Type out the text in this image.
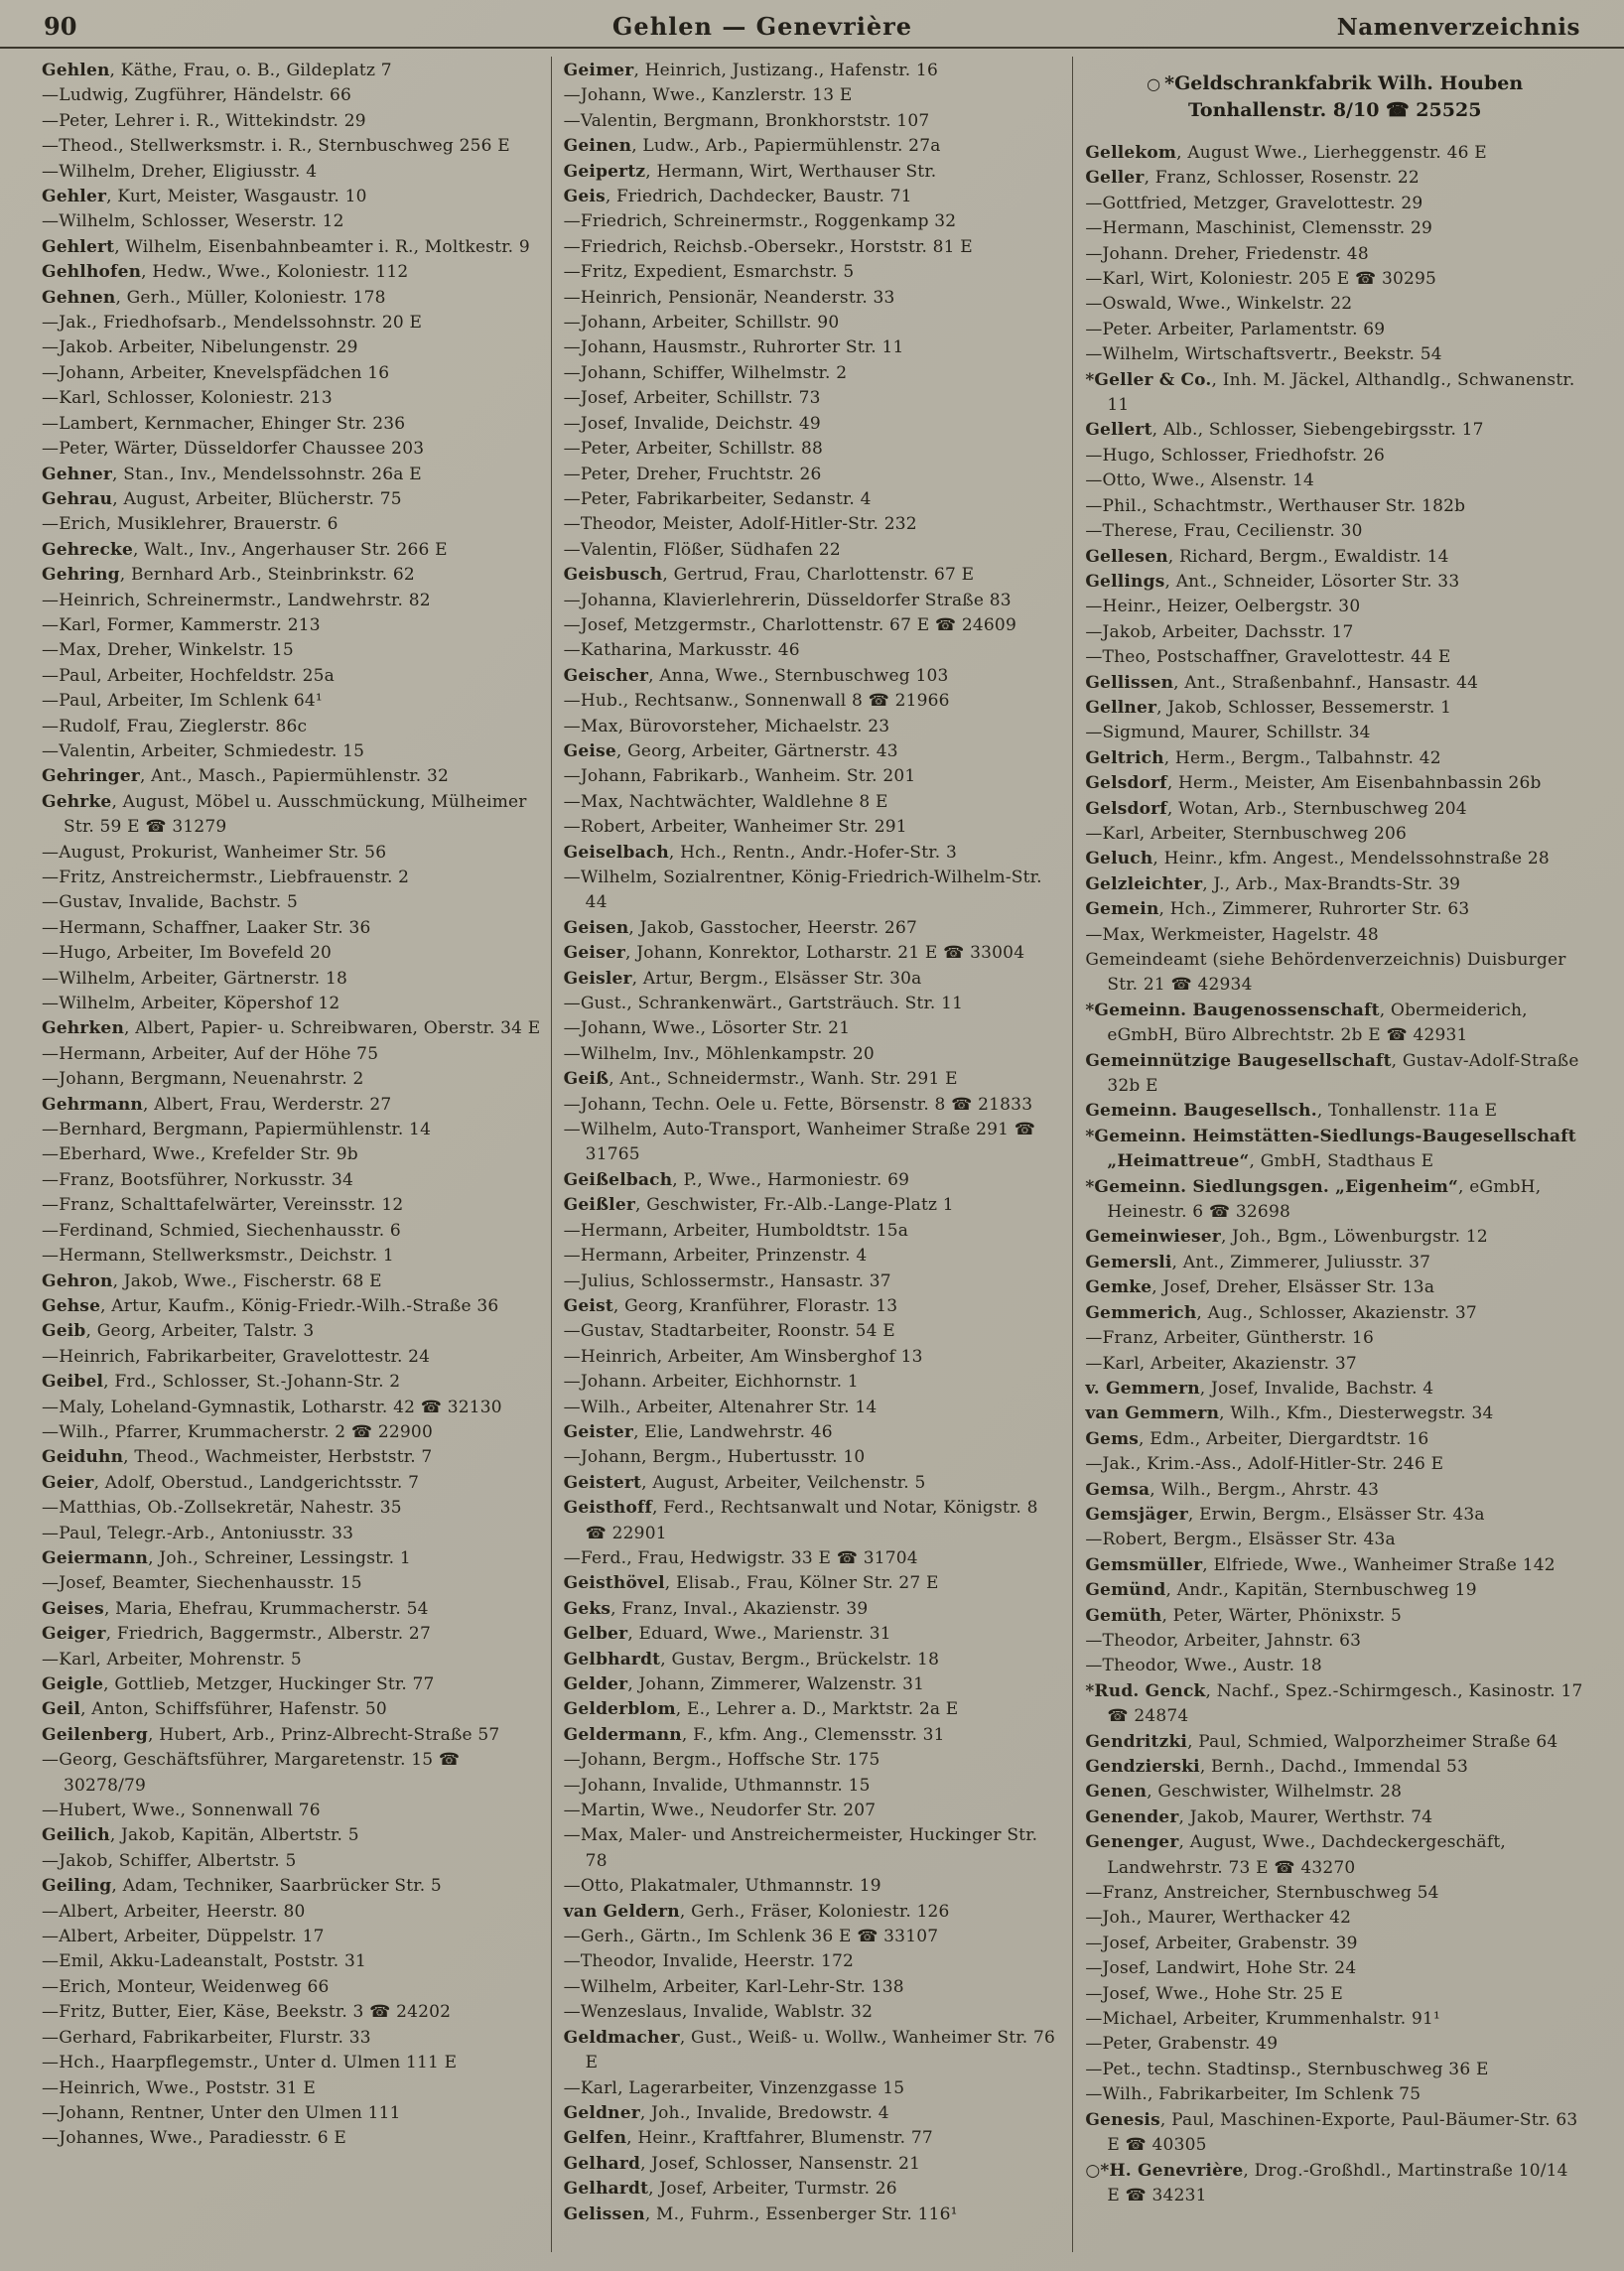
90	Gehlen — Genevrière	Namenverzeichnis
Gehlen, Käthe, Frau, o. B., Gildeplatz 7
—Ludwig, Zugführer, Händelstr. 66
—Peter, Lehrer i. R., Wittekindstr. 29
—Theod., Stellwerksmstr. i. R., Sternbuschweg 256 E
—Wilhelm, Dreher, Eligiusstr. 4
Gehler, Kurt, Meister, Wasgaustr. 10
—Wilhelm, Schlosser, Weserstr. 12
Gehlert, Wilhelm, Eisenbahnbeamter i. R., Moltkestr. 9
Gehlhofen, Hedw., Wwe., Koloniestr. 112
Gehnen, Gerh., Müller, Koloniestr. 178
—Jak., Friedhofsarb., Mendelssohnstr. 20 E
—Jakob. Arbeiter, Nibelungenstr. 29
—Johann, Arbeiter, Knevelspfädchen 16
—Karl, Schlosser, Koloniestr. 213
—Lambert, Kernmacher, Ehinger Str. 236
—Peter, Wärter, Düsseldorfer Chaussee 203
Gehner, Stan., Inv., Mendelssohnstr. 26a E
Gehrau, August, Arbeiter, Blücherstr. 75
—Erich, Musiklehrer, Brauerstr. 6
Gehrecke, Walt., Inv., Angerhauser Str. 266 E
Gehring, Bernhard Arb., Steinbrinkstr. 62
—Heinrich, Schreinermstr., Landwehrstr. 82
—Karl, Former, Kammerstr. 213
—Max, Dreher, Winkelstr. 15
—Paul, Arbeiter, Hochfeldstr. 25a
—Paul, Arbeiter, Im Schlenk 64¹
—Rudolf, Frau, Zieglerstr. 86c
—Valentin, Arbeiter, Schmiedestr. 15
Gehringer, Ant., Masch., Papiermühlenstr. 32
Gehrke, August, Möbel u. Ausschmückung, Mülheimer Str. 59 E ☎ 31279
—August, Prokurist, Wanheimer Str. 56
—Fritz, Anstreichermstr., Liebfrauenstr. 2
—Gustav, Invalide, Bachstr. 5
—Hermann, Schaffner, Laaker Str. 36
—Hugo, Arbeiter, Im Bovefeld 20
—Wilhelm, Arbeiter, Gärtnerstr. 18
—Wilhelm, Arbeiter, Köpershof 12
Gehrken, Albert, Papier- u. Schreibwaren, Oberstr. 34 E
—Hermann, Arbeiter, Auf der Höhe 75
—Johann, Bergmann, Neuenahrstr. 2
Gehrmann, Albert, Frau, Werderstr. 27
—Bernhard, Bergmann, Papiermühlenstr. 14
—Eberhard, Wwe., Krefelder Str. 9b
—Franz, Bootsführer, Norkusstr. 34
—Franz, Schalttafelwärter, Vereinsstr. 12
—Ferdinand, Schmied, Siechenhausstr. 6
—Hermann, Stellwerksmstr., Deichstr. 1
Gehron, Jakob, Wwe., Fischerstr. 68 E
Gehse, Artur, Kaufm., König-Friedr.-Wilh.-Straße 36
Geib, Georg, Arbeiter, Talstr. 3
—Heinrich, Fabrikarbeiter, Gravelottestr. 24
Geibel, Frd., Schlosser, St.-Johann-Str. 2
—Maly, Loheland-Gymnastik, Lotharstr. 42 ☎ 32130
—Wilh., Pfarrer, Krummacherstr. 2 ☎ 22900
Geiduhn, Theod., Wachmeister, Herbststr. 7
Geier, Adolf, Oberstud., Landgerichtsstr. 7
—Matthias, Ob.-Zollsekretär, Nahestr. 35
—Paul, Telegr.-Arb., Antoniusstr. 33
Geiermann, Joh., Schreiner, Lessingstr. 1
—Josef, Beamter, Siechenhausstr. 15
Geises, Maria, Ehefrau, Krummacherstr. 54
Geiger, Friedrich, Baggermstr., Alberstr. 27
—Karl, Arbeiter, Mohrenstr. 5
Geigle, Gottlieb, Metzger, Huckinger Str. 77
Geil, Anton, Schiffsführer, Hafenstr. 50
Geilenberg, Hubert, Arb., Prinz-Albrecht-Straße 57
—Georg, Geschäftsführer, Margaretenstr. 15 ☎ 30278/79
—Hubert, Wwe., Sonnenwall 76
Geilich, Jakob, Kapitän, Albertstr. 5
—Jakob, Schiffer, Albertstr. 5
Geiling, Adam, Techniker, Saarbrücker Str. 5
—Albert, Arbeiter, Heerstr. 80
—Albert, Arbeiter, Düppelstr. 17
—Emil, Akku-Ladeanstalt, Poststr. 31
—Erich, Monteur, Weidenweg 66
—Fritz, Butter, Eier, Käse, Beekstr. 3 ☎ 24202
—Gerhard, Fabrikarbeiter, Flurstr. 33
—Hch., Haarpflegemstr., Unter d. Ulmen 111 E
—Heinrich, Wwe., Poststr. 31 E
—Johann, Rentner, Unter den Ulmen 111
—Johannes, Wwe., Paradiesstr. 6 E
Geimer, Heinrich, Justizang., Hafenstr. 16
—Johann, Wwe., Kanzlerstr. 13 E
—Valentin, Bergmann, Bronkhorststr. 107
Geinen, Ludw., Arb., Papiermühlenstr. 27a
Geipertz, Hermann, Wirt, Werthauser Str.
Geis, Friedrich, Dachdecker, Baustr. 71
—Friedrich, Schreinermstr., Roggenkamp 32
—Friedrich, Reichsb.-Obersekr., Horststr. 81 E
—Fritz, Expedient, Esmarchstr. 5
—Heinrich, Pensionär, Neanderstr. 33
—Johann, Arbeiter, Schillstr. 90
—Johann, Hausmstr., Ruhrorter Str. 11
—Johann, Schiffer, Wilhelmstr. 2
—Josef, Arbeiter, Schillstr. 73
—Josef, Invalide, Deichstr. 49
—Peter, Arbeiter, Schillstr. 88
—Peter, Dreher, Fruchtstr. 26
—Peter, Fabrikarbeiter, Sedanstr. 4
—Theodor, Meister, Adolf-Hitler-Str. 232
—Valentin, Flößer, Südhafen 22
Geisbusch, Gertrud, Frau, Charlottenstr. 67 E
—Johanna, Klavierlehrerin, Düsseldorfer Straße 83
—Josef, Metzgermstr., Charlottenstr. 67 E ☎ 24609
—Katharina, Markusstr. 46
Geischer, Anna, Wwe., Sternbuschweg 103
—Hub., Rechtsanw., Sonnenwall 8 ☎ 21966
—Max, Bürovorsteher, Michaelstr. 23
Geise, Georg, Arbeiter, Gärtnerstr. 43
—Johann, Fabrikarb., Wanheim. Str. 201
—Max, Nachtwächter, Waldlehne 8 E
—Robert, Arbeiter, Wanheimer Str. 291
Geiselbach, Hch., Rentn., Andr.-Hofer-Str. 3
—Wilhelm, Sozialrentner, König-Friedrich-Wilhelm-Str. 44
Geisen, Jakob, Gasstocher, Heerstr. 267
Geiser, Johann, Konrektor, Lotharstr. 21 E ☎ 33004
Geisler, Artur, Bergm., Elsässer Str. 30a
—Gust., Schrankenwärt., Gartsträuch. Str. 11
—Johann, Wwe., Lösorter Str. 21
—Wilhelm, Inv., Möhlenkampstr. 20
Geiß, Ant., Schneidermstr., Wanh. Str. 291 E
—Johann, Techn. Oele u. Fette, Börsenstr. 8 ☎ 21833
—Wilhelm, Auto-Transport, Wanheimer Straße 291 ☎ 31765
Geißelbach, P., Wwe., Harmoniestr. 69
Geißler, Geschwister, Fr.-Alb.-Lange-Platz 1
—Hermann, Arbeiter, Humboldtstr. 15a
—Hermann, Arbeiter, Prinzenstr. 4
—Julius, Schlossermstr., Hansastr. 37
Geist, Georg, Kranführer, Florastr. 13
—Gustav, Stadtarbeiter, Roonstr. 54 E
—Heinrich, Arbeiter, Am Winsberghof 13
—Johann. Arbeiter, Eichhornstr. 1
—Wilh., Arbeiter, Altenahrer Str. 14
Geister, Elie, Landwehrstr. 46
—Johann, Bergm., Hubertusstr. 10
Geistert, August, Arbeiter, Veilchenstr. 5
Geisthoff, Ferd., Rechtsanwalt und Notar, Königstr. 8 ☎ 22901
—Ferd., Frau, Hedwigstr. 33 E ☎ 31704
Geisthövel, Elisab., Frau, Kölner Str. 27 E
Geks, Franz, Inval., Akazienstr. 39
Gelber, Eduard, Wwe., Marienstr. 31
Gelbhardt, Gustav, Bergm., Brückelstr. 18
Gelder, Johann, Zimmerer, Walzenstr. 31
Gelderblom, E., Lehrer a. D., Marktstr. 2a E
Geldermann, F., kfm. Ang., Clemensstr. 31
—Johann, Bergm., Hoffsche Str. 175
—Johann, Invalide, Uthmannstr. 15
—Martin, Wwe., Neudorfer Str. 207
—Max, Maler- und Anstreichermeister, Huckinger Str. 78
—Otto, Plakatmaler, Uthmannstr. 19
van Geldern, Gerh., Fräser, Koloniestr. 126
—Gerh., Gärtn., Im Schlenk 36 E ☎ 33107
—Theodor, Invalide, Heerstr. 172
—Wilhelm, Arbeiter, Karl-Lehr-Str. 138
—Wenzeslaus, Invalide, Wablstr. 32
Geldmacher, Gust., Weiß- u. Wollw., Wanheimer Str. 76 E
—Karl, Lagerarbeiter, Vinzenzgasse 15
Geldner, Joh., Invalide, Bredowstr. 4
Gelfen, Heinr., Kraftfahrer, Blumenstr. 77
Gelhard, Josef, Schlosser, Nansenstr. 21
Gelhardt, Josef, Arbeiter, Turmstr. 26
Gelissen, M., Fuhrm., Essenberger Str. 116¹
○ *Geldschrankfabrik Wilh. Houben
Tonhallenstr. 8/10 ☎ 25525
Gellekom, August Wwe., Lierheggenstr. 46 E
Geller, Franz, Schlosser, Rosenstr. 22
—Gottfried, Metzger, Gravelottestr. 29
—Hermann, Maschinist, Clemensstr. 29
—Johann. Dreher, Friedenstr. 48
—Karl, Wirt, Koloniestr. 205 E ☎ 30295
—Oswald, Wwe., Winkelstr. 22
—Peter. Arbeiter, Parlamentstr. 69
—Wilhelm, Wirtschaftsvertr., Beekstr. 54
*Geller & Co., Inh. M. Jäckel, Althandlg., Schwanenstr. 11
Gellert, Alb., Schlosser, Siebengebirgsstr. 17
—Hugo, Schlosser, Friedhofstr. 26
—Otto, Wwe., Alsenstr. 14
—Phil., Schachtmstr., Werthauser Str. 182b
—Therese, Frau, Cecilienstr. 30
Gellesen, Richard, Bergm., Ewaldistr. 14
Gellings, Ant., Schneider, Lösorter Str. 33
—Heinr., Heizer, Oelbergstr. 30
—Jakob, Arbeiter, Dachsstr. 17
—Theo, Postschaffner, Gravelottestr. 44 E
Gellissen, Ant., Straßenbahnf., Hansastr. 44
Gellner, Jakob, Schlosser, Bessemerstr. 1
—Sigmund, Maurer, Schillstr. 34
Geltrich, Herm., Bergm., Talbahnstr. 42
Gelsdorf, Herm., Meister, Am Eisenbahnbassin 26b
Gelsdorf, Wotan, Arb., Sternbuschweg 204
—Karl, Arbeiter, Sternbuschweg 206
Geluch, Heinr., kfm. Angest., Mendelssohnstraße 28
Gelzleichter, J., Arb., Max-Brandts-Str. 39
Gemein, Hch., Zimmerer, Ruhrorter Str. 63
—Max, Werkmeister, Hagelstr. 48
Gemeindeamt (siehe Behördenverzeichnis) Duisburger Str. 21 ☎ 42934
*Gemeinn. Baugenossenschaft, Obermeiderich, eGmbH, Büro Albrechtstr. 2b E ☎ 42931
Gemeinnützige Baugesellschaft, Gustav-Adolf-Straße 32b E
Gemeinn. Baugesellsch., Tonhallenstr. 11a E
*Gemeinn. Heimstätten-Siedlungs-Baugesellschaft „Heimattreue“, GmbH, Stadthaus E
*Gemeinn. Siedlungsgen. „Eigenheim“, eGmbH, Heinestr. 6 ☎ 32698
Gemeinwieser, Joh., Bgm., Löwenburgstr. 12
Gemersli, Ant., Zimmerer, Juliusstr. 37
Gemke, Josef, Dreher, Elsässer Str. 13a
Gemmerich, Aug., Schlosser, Akazienstr. 37
—Franz, Arbeiter, Güntherstr. 16
—Karl, Arbeiter, Akazienstr. 37
v. Gemmern, Josef, Invalide, Bachstr. 4
van Gemmern, Wilh., Kfm., Diesterwegstr. 34
Gems, Edm., Arbeiter, Diergardtstr. 16
—Jak., Krim.-Ass., Adolf-Hitler-Str. 246 E
Gemsa, Wilh., Bergm., Ahrstr. 43
Gemsjäger, Erwin, Bergm., Elsässer Str. 43a
—Robert, Bergm., Elsässer Str. 43a
Gemsmüller, Elfriede, Wwe., Wanheimer Straße 142
Gemünd, Andr., Kapitän, Sternbuschweg 19
Gemüth, Peter, Wärter, Phönixstr. 5
—Theodor, Arbeiter, Jahnstr. 63
—Theodor, Wwe., Austr. 18
*Rud. Genck, Nachf., Spez.-Schirmgesch., Kasinostr. 17 ☎ 24874
Gendritzki, Paul, Schmied, Walporzheimer Straße 64
Gendzierski, Bernh., Dachd., Immendal 53
Genen, Geschwister, Wilhelmstr. 28
Genender, Jakob, Maurer, Werthstr. 74
Genenger, August, Wwe., Dachdeckergeschäft, Landwehrstr. 73 E ☎ 43270
—Franz, Anstreicher, Sternbuschweg 54
—Joh., Maurer, Werthacker 42
—Josef, Arbeiter, Grabenstr. 39
—Josef, Landwirt, Hohe Str. 24
—Josef, Wwe., Hohe Str. 25 E
—Michael, Arbeiter, Krummenhalstr. 91¹
—Peter, Grabenstr. 49
—Pet., techn. Stadtinsp., Sternbuschweg 36 E
—Wilh., Fabrikarbeiter, Im Schlenk 75
Genesis, Paul, Maschinen-Exporte, Paul-Bäumer-Str. 63 E ☎ 40305
○*H. Genevrière, Drog.-Großhdl., Martinstraße 10/14 E ☎ 34231
